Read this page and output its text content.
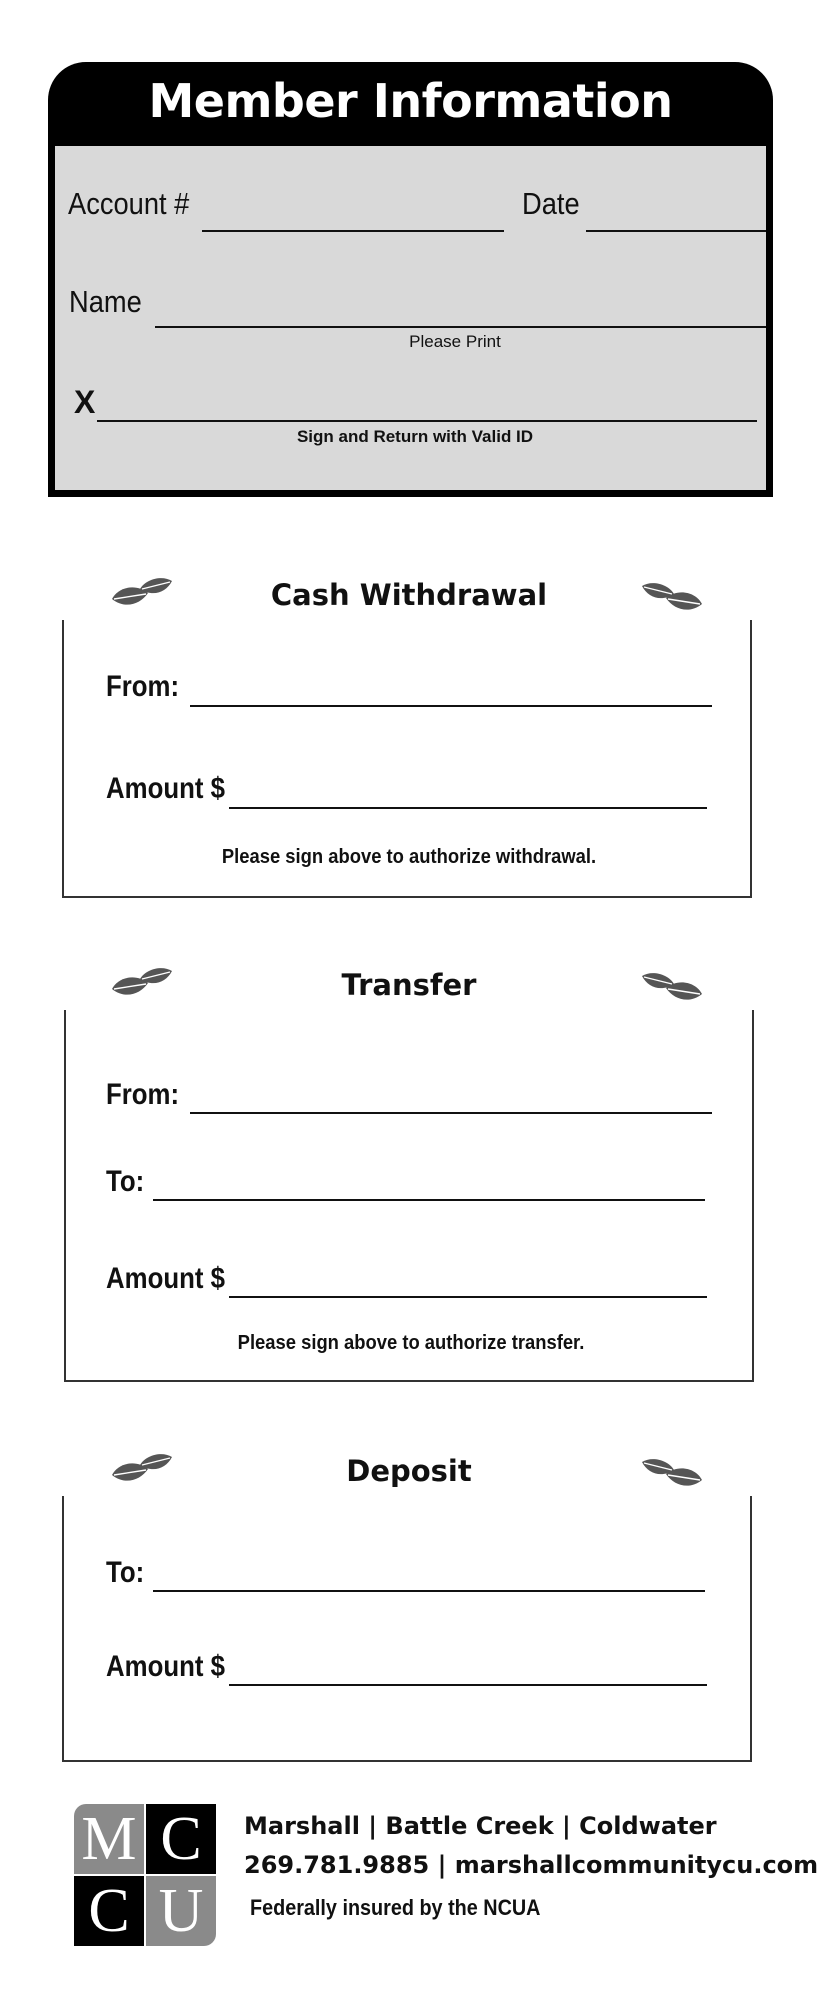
Member Information
Account #	Date
Name
Please Print
X
Sign and Return with Valid ID
Cash Withdrawal
From:
Amount $
Please sign above to authorize withdrawal.
Transfer
From:
To:
Amount $
Please sign above to authorize transfer.
Deposit
To:
Amount $
M C
C U
Marshall | Battle Creek | Coldwater
269.781.9885 | marshallcommunitycu.com
Federally insured by the NCUA
